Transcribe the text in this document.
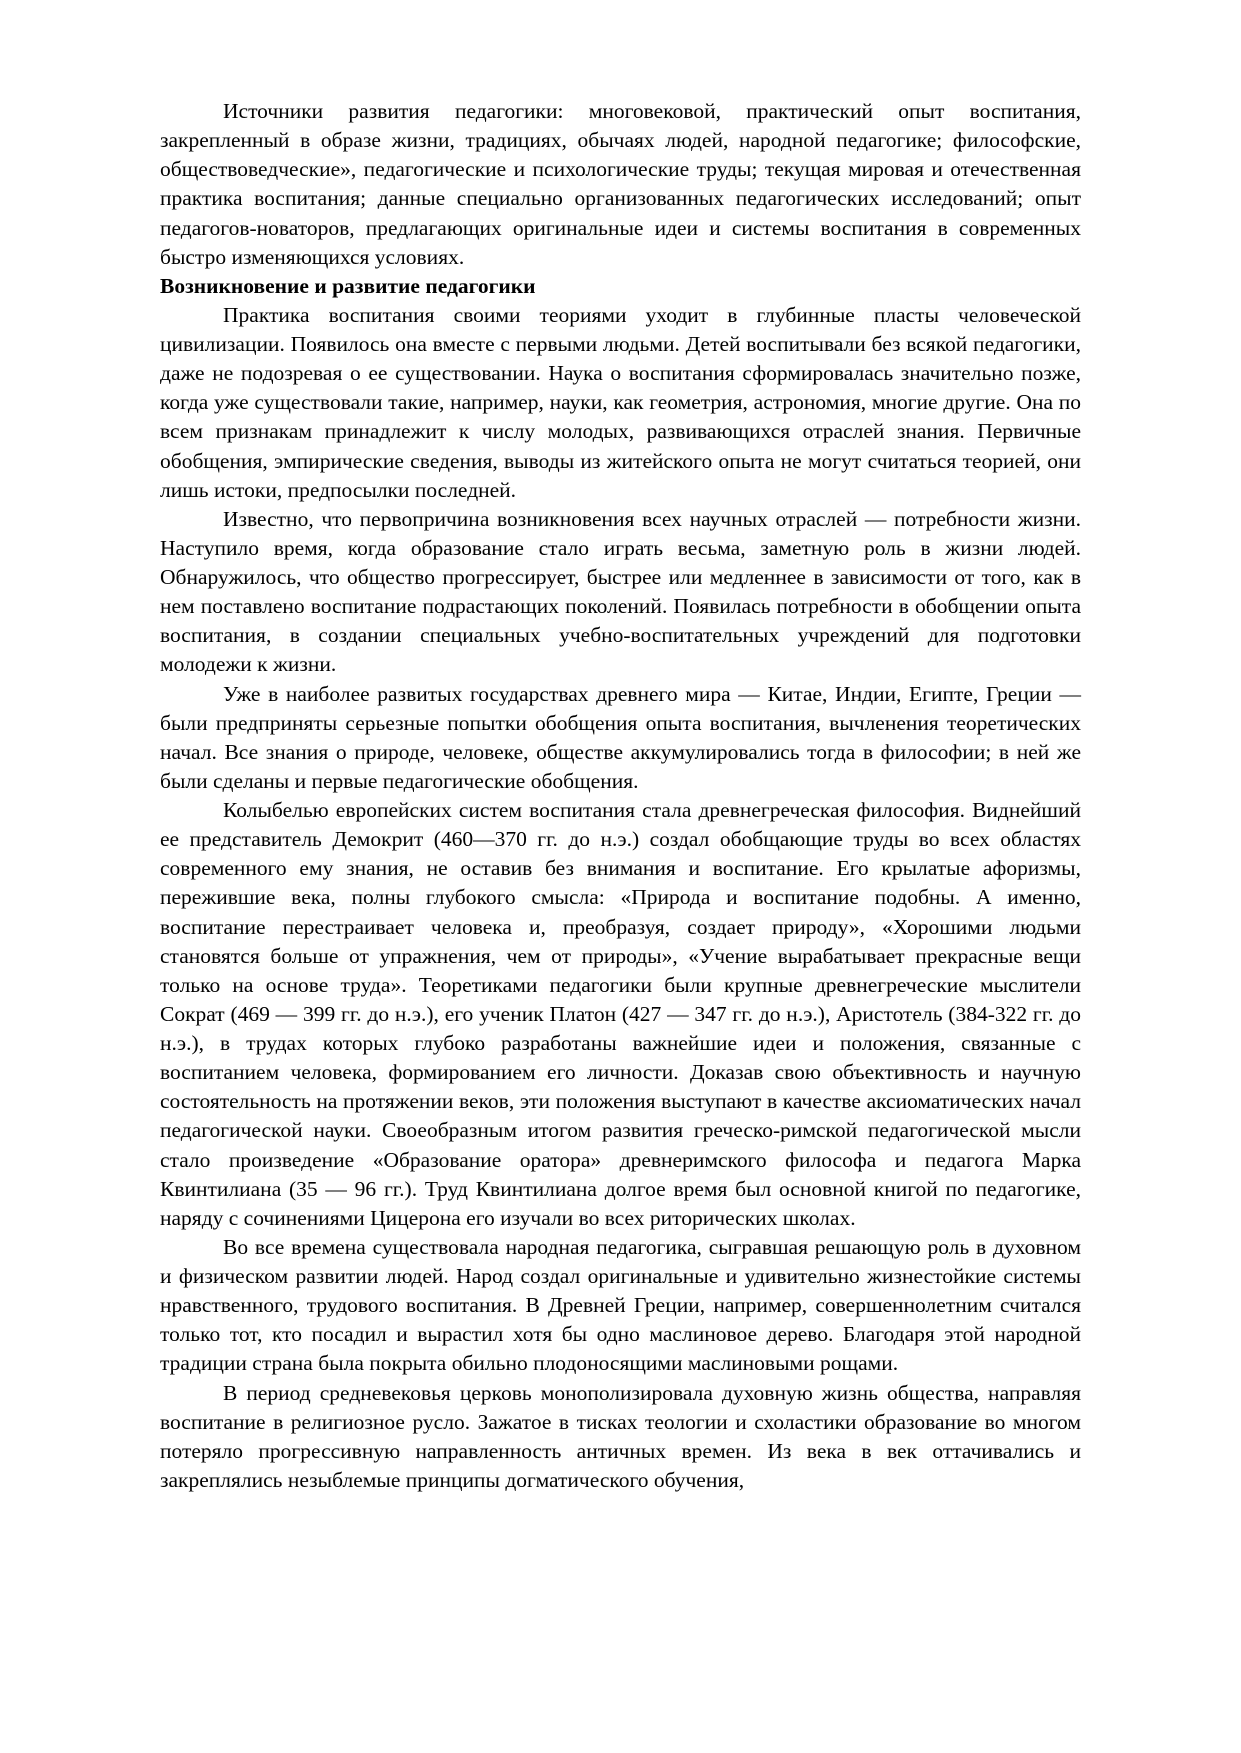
Источники развития педагогики: многовековой, практический опыт воспитания, закрепленный в образе жизни, традициях, обычаях людей, народной педагогике; философские, обществоведческие», педагогические и психологические труды; текущая мировая и отечественная практика воспитания; данные специально организованных педагогических исследований; опыт педагогов-новаторов, предлагающих оригинальные идеи и системы воспитания в современных быстро изменяющихся условиях.

Возникновение и развитие педагогики

Практика воспитания своими теориями уходит в глубинные пласты человеческой цивилизации. Появилось она вместе с первыми людьми. Детей воспитывали без всякой педагогики, даже не подозревая о ее существовании. Наука о воспитания сформировалась значительно позже, когда уже существовали такие, например, науки, как геометрия, астрономия, многие другие. Она по всем признакам принадлежит к числу молодых, развивающихся отраслей знания. Первичные обобщения, эмпирические сведения, выводы из житейского опыта не могут считаться теорией, они лишь истоки, предпосылки последней.

Известно, что первопричина возникновения всех научных отраслей — потребности жизни. Наступило время, когда образование стало играть весьма, заметную роль в жизни людей. Обнаружилось, что общество прогрессирует, быстрее или медленнее в зависимости от того, как в нем поставлено воспитание подрастающих поколений. Появилась потребности в обобщении опыта воспитания, в создании специальных учебно-воспитательных учреждений для подготовки молодежи к жизни.

Уже в наиболее развитых государствах древнего мира — Китае, Индии, Египте, Греции — были предприняты серьезные попытки обобщения опыта воспитания, вычленения теоретических начал. Все знания о природе, человеке, обществе аккумулировались тогда в философии; в ней же были сделаны и первые педагогические обобщения.

Колыбелью европейских систем воспитания стала древнегреческая философия. Виднейший ее представитель Демокрит (460—370 гг. до н.э.) создал обобщающие труды во всех областях современного ему знания, не оставив без внимания и воспитание. Его крылатые афоризмы, пережившие века, полны глубокого смысла: «Природа и воспитание подобны. А именно, воспитание перестраивает человека и, преобразуя, создает природу», «Хорошими людьми становятся больше от упражнения, чем от природы», «Учение вырабатывает прекрасные вещи только на основе труда». Теоретиками педагогики были крупные древнегреческие мыслители Сократ (469 — 399 гг. до н.э.), его ученик Платон (427 — 347 гг. до н.э.), Аристотель (384-322 гг. до н.э.), в трудах которых глубоко разработаны важнейшие идеи и положения, связанные с воспитанием человека, формированием его личности. Доказав свою объективность и научную состоятельность на протяжении веков, эти положения выступают в качестве аксиоматических начал педагогической науки. Своеобразным итогом развития греческо-римской педагогической мысли стало произведение «Образование оратора» древнеримского философа и педагога Марка Квинтилиана (35 — 96 гг.). Труд Квинтилиана долгое время был основной книгой по педагогике, наряду с сочинениями Цицерона его изучали во всех риторических школах.

Во все времена существовала народная педагогика, сыгравшая решающую роль в духовном и физическом развитии людей. Народ создал оригинальные и удивительно жизнестойкие системы нравственного, трудового воспитания. В Древней Греции, например, совершеннолетним считался только тот, кто посадил и вырастил хотя бы одно маслиновое дерево. Благодаря этой народной традиции страна была покрыта обильно плодоносящими маслиновыми рощами.

В период средневековья церковь монополизировала духовную жизнь общества, направляя воспитание в религиозное русло. Зажатое в тисках теологии и схоластики образование во многом потеряло прогрессивную направленность античных времен. Из века в век оттачивались и закреплялись незыблемые принципы догматического обучения,
